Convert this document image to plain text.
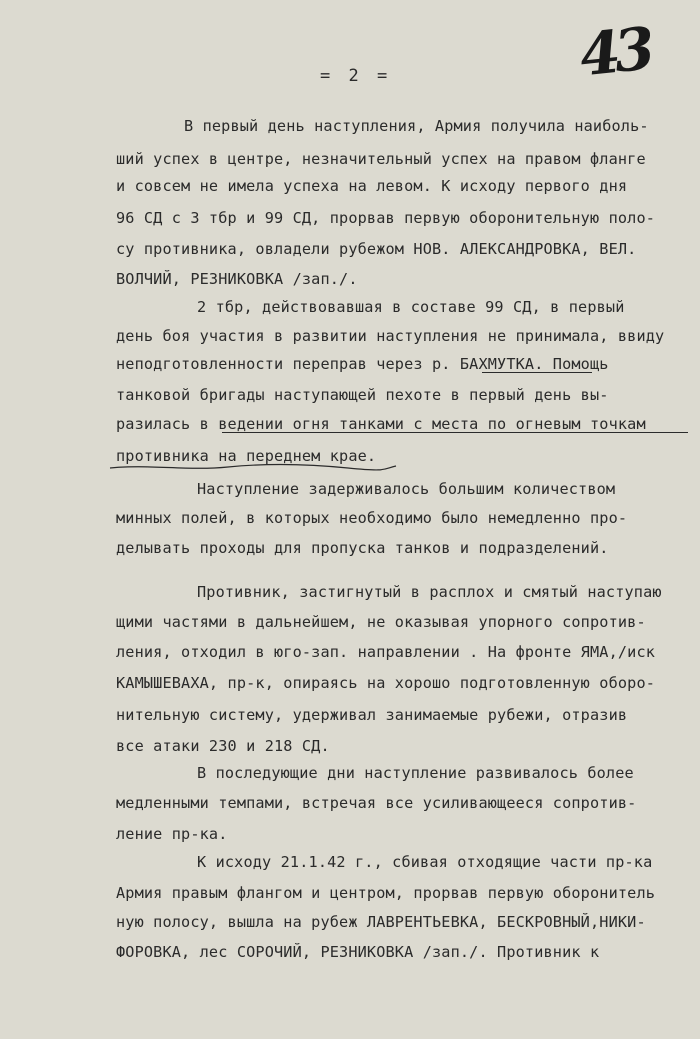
= 2 =	43
В первый день наступления, Армия получила наиболь-
ший успех в центре, незначительный успех на правом фланге
и совсем не имела успеха на левом. К исходу первого дня
96 СД с 3 тбр и 99 СД, прорвав первую оборонительную поло-
су противника, овладели рубежом НОВ. АЛЕКСАНДРОВКА, ВЕЛ.
ВОЛЧИЙ, РЕЗНИКОВКА /зап./.
2 тбр, действовавшая в составе 99 СД, в первый
день боя участия в развитии наступления не принимала, ввиду
неподготовленности переправ через р. БАХМУТКА. Помощь
танковой бригады наступающей пехоте в первый день вы-
разилась в ведении огня танками с места по огневым точкам
противника на переднем крае.
Наступление задерживалось большим количеством
минных полей, в которых необходимо было немедленно про-
делывать проходы для пропуска танков и подразделений.
Противник, застигнутый в расплох и смятый наступаю
щими частями в дальнейшем, не оказывая упорного сопротив-
ления, отходил в юго-зап. направлении . На фронте ЯМА,/иск
КАМЫШЕВАХА, пр-к, опираясь на хорошо подготовленную оборо-
нительную систему, удерживал занимаемые рубежи, отразив
все атаки 230 и 218 СД.
В последующие дни наступление развивалось более
медленными темпами, встречая все усиливающееся сопротив-
ление пр-ка.
К исходу 21.1.42 г., сбивая отходящие части пр-ка
Армия правым флангом и центром, прорвав первую оборонитель
ную полосу, вышла на рубеж ЛАВРЕНТЬЕВКА, БЕСКРОВНЫЙ,НИКИ-
ФОРОВКА, лес СОРОЧИЙ, РЕЗНИКОВКА /зап./. Противник к
